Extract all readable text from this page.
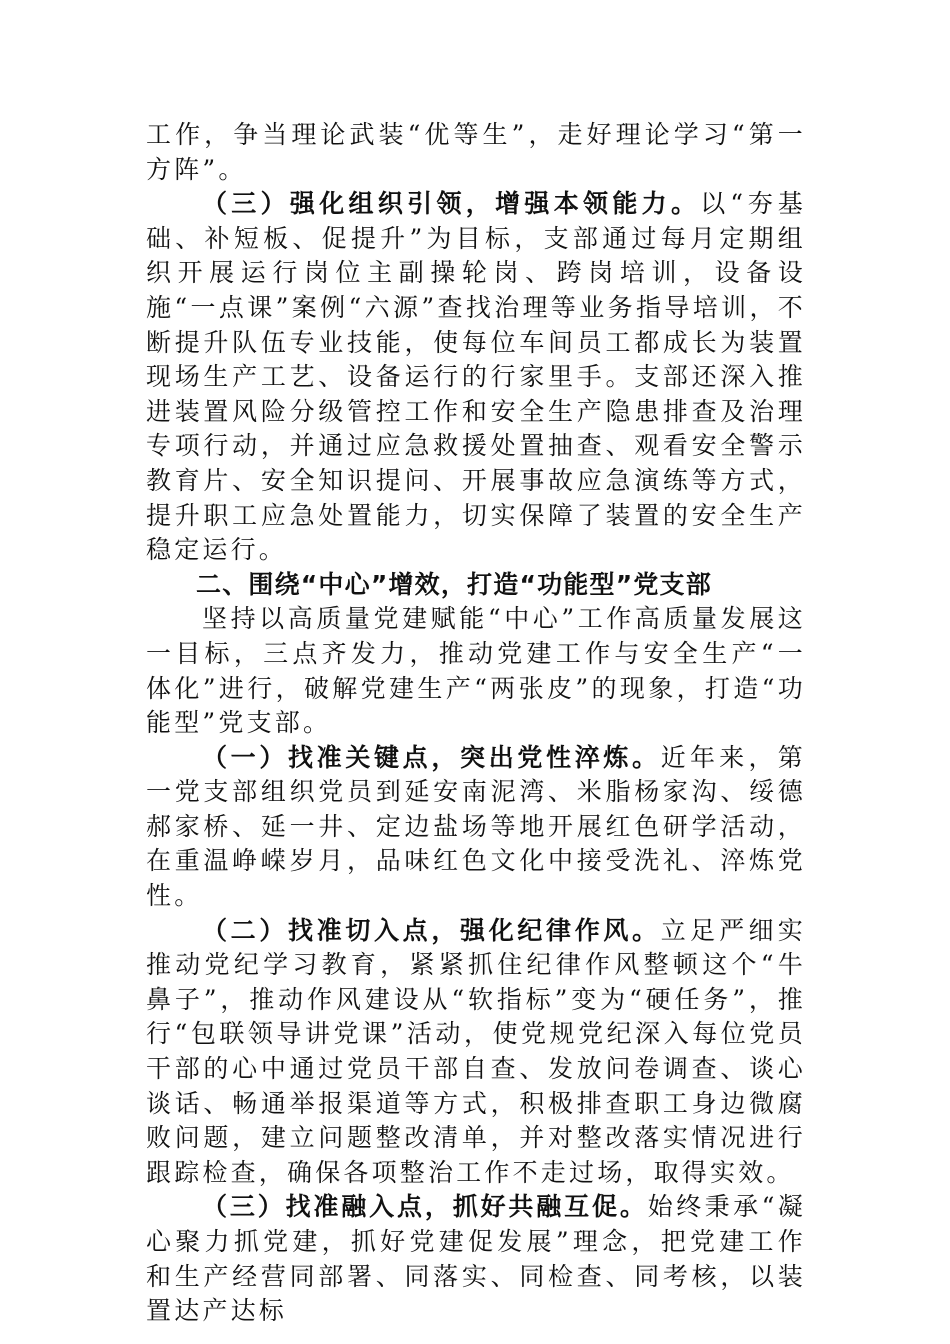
工作，争当理论武装“优等生”，走好理论学习“第一方阵”。

（三）强化组织引领，增强本领能力。以“夯基础、补短板、促提升”为目标，支部通过每月定期组织开展运行岗位主副操轮岗、跨岗培训，设备设施“一点课”案例“六源”查找治理等业务指导培训，不断提升队伍专业技能，使每位车间员工都成长为装置现场生产工艺、设备运行的行家里手。支部还深入推进装置风险分级管控工作和安全生产隐患排查及治理专项行动，并通过应急救援处置抽查、观看安全警示教育片、安全知识提问、开展事故应急演练等方式，提升职工应急处置能力，切实保障了装置的安全生产稳定运行。

二、围绕“中心”增效，打造“功能型”党支部

坚持以高质量党建赋能“中心”工作高质量发展这一目标，三点齐发力，推动党建工作与安全生产“一体化”进行，破解党建生产“两张皮”的现象，打造“功能型”党支部。

（一）找准关键点，突出党性淬炼。近年来，第一党支部组织党员到延安南泥湾、米脂杨家沟、绥德郝家桥、延一井、定边盐场等地开展红色研学活动，在重温峥嵘岁月，品味红色文化中接受洗礼、淬炼党性。

（二）找准切入点，强化纪律作风。立足严细实推动党纪学习教育，紧紧抓住纪律作风整顿这个“牛鼻子”，推动作风建设从“软指标”变为“硬任务”，推行“包联领导讲党课”活动，使党规党纪深入每位党员干部的心中通过党员干部自查、发放问卷调查、谈心谈话、畅通举报渠道等方式，积极排查职工身边微腐败问题，建立问题整改清单，并对整改落实情况进行跟踪检查，确保各项整治工作不走过场，取得实效。

（三）找准融入点，抓好共融互促。始终秉承“凝心聚力抓党建，抓好党建促发展”理念，把党建工作和生产经营同部署、同落实、同检查、同考核，以装置达产达标
